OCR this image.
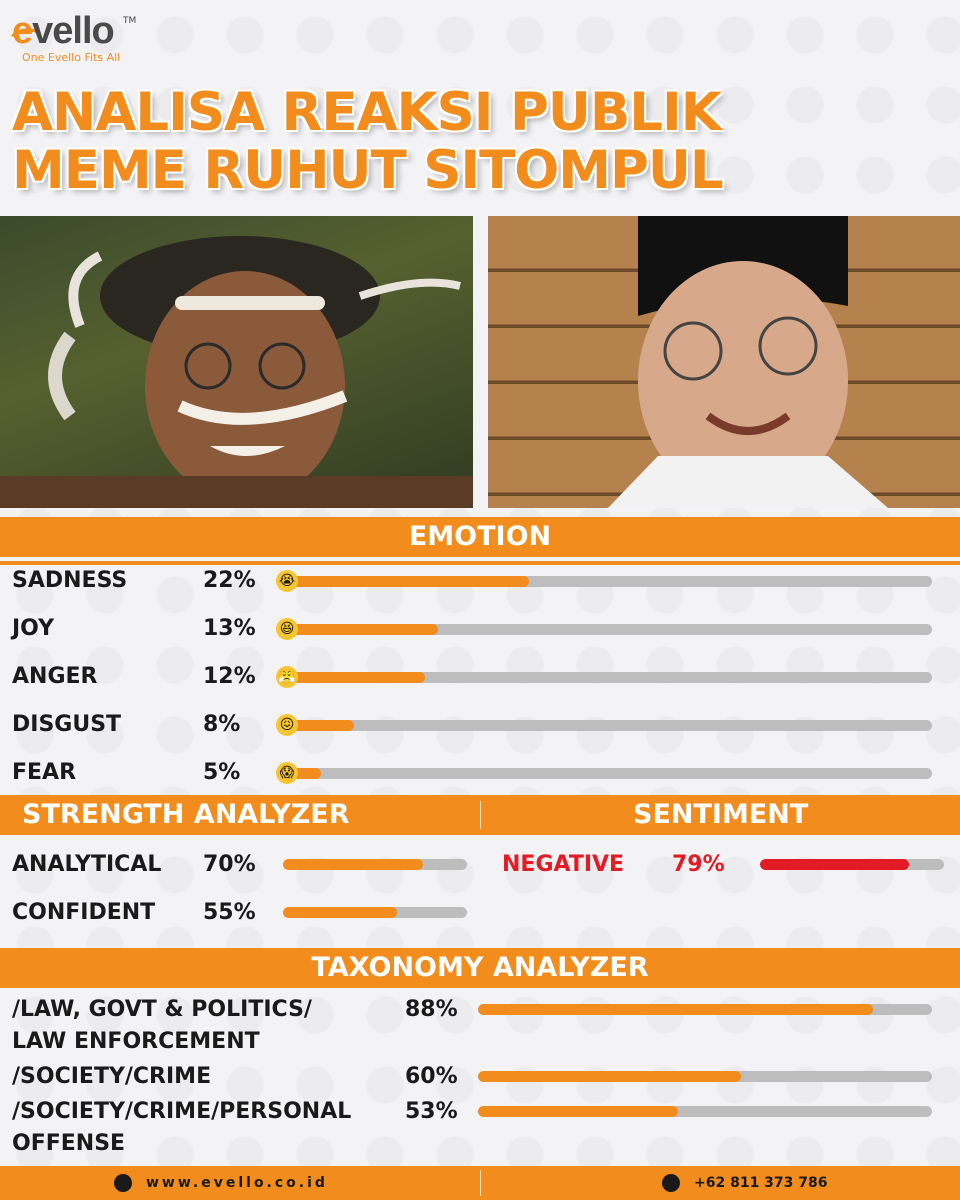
evello	TM
One Evello Fits All
ANALISA REAKSI PUBLIK
MEME RUHUT SITOMPUL
EMOTION
SADNESS	22% 😭
JOY	13% 😆
ANGER	12% 😤
DISGUST	8%	😖
FEAR	5%	😱
STRENGTH ANALYZER	SENTIMENT
ANALYTICAL 70%
CONFIDENT 55%
NEGATIVE 79%
TAXONOMY ANALYZER
/LAW, GOVT & POLITICS/
LAW ENFORCEMENT
88%
/SOCIETY/CRIME	60%
/SOCIETY/CRIME/PERSONAL
OFFENSE
53%
www.evello.co.id	+62 811 373 786
